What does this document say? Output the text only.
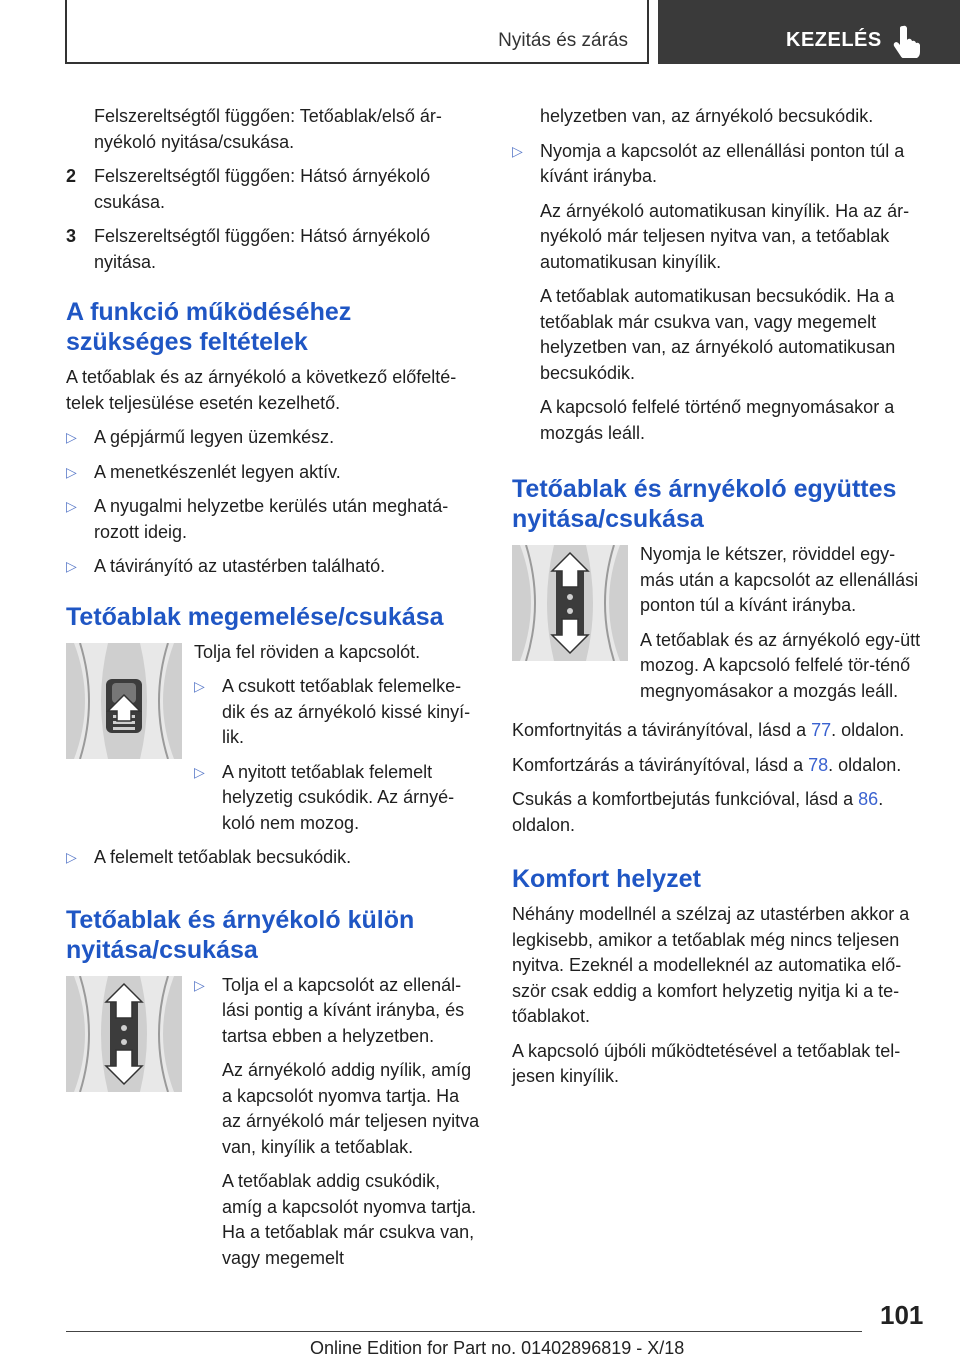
Nyitás és zárás	KEZELÉS

Felszereltségtől függően: Tetőablak/első ár-nyékoló nyitása/csukása.

2 Felszereltségtől függően: Hátsó árnyékoló csukása.
3 Felszereltségtől függően: Hátsó árnyékoló nyitása.
A funkció működéséhez szükséges feltételek

A tetőablak és az árnyékoló a következő előfelté-telek teljesülése esetén kezelhető.

▷ A gépjármű legyen üzemkész.
▷ A menetkészenlét legyen aktív.
▷ A nyugalmi helyzetbe kerülés után meghatá-rozott ideig.
▷ A távirányító az utastérben található.
Tetőablak megemelése/csukása

Tolja fel röviden a kapcsolót.

▷ A csukott tetőablak felemelke-dik és az árnyékoló kissé kinyí-lik.
▷ A nyitott tetőablak felemelt helyzetig csukódik. Az árnyé-koló nem mozog.
▷ A felemelt tetőablak becsukódik.
Tetőablak és árnyékoló külön nyitása/csukása
▷ Tolja el a kapcsolót az ellenál-lási pontig a kívánt irányba, és tartsa ebben a helyzetben.

Az árnyékoló addig nyílik, amíg a kapcsolót nyomva tartja. Ha az árnyékoló már teljesen nyitva van, kinyílik a tetőablak.

A tetőablak addig csukódik, amíg a kapcsolót nyomva tartja. Ha a tetőablak már csukva van, vagy megemelt

helyzetben van, az árnyékoló becsukódik.

▷ Nyomja a kapcsolót az ellenállási ponton túl a kívánt irányba.

Az árnyékoló automatikusan kinyílik. Ha az ár-nyékoló már teljesen nyitva van, a tetőablak automatikusan kinyílik.

A tetőablak automatikusan becsukódik. Ha a tetőablak már csukva van, vagy megemelt helyzetben van, az árnyékoló automatikusan becsukódik.

A kapcsoló felfelé történő megnyomásakor a mozgás leáll.

Tetőablak és árnyékoló együttes nyitása/csukása

Nyomja le kétszer, röviddel egy-más után a kapcsolót az ellenállási ponton túl a kívánt irányba.

A tetőablak és az árnyékoló egy-ütt mozog. A kapcsoló felfelé tör-ténő megnyomásakor a mozgás leáll.

Komfortnyitás a távirányítóval, lásd a 77. oldalon.

Komfortzárás a távirányítóval, lásd a 78. oldalon.

Csukás a komfortbejutás funkcióval, lásd a 86. oldalon.

Komfort helyzet

Néhány modellnél a szélzaj az utastérben akkor a legkisebb, amikor a tetőablak még nincs teljesen nyitva. Ezeknél a modelleknél az automatika elő-ször csak eddig a komfort helyzetig nyitja ki a te-tőablakot.

A kapcsoló újbóli működtetésével a tetőablak tel-jesen kinyílik.

101
Online Edition for Part no. 01402896819 - X/18
